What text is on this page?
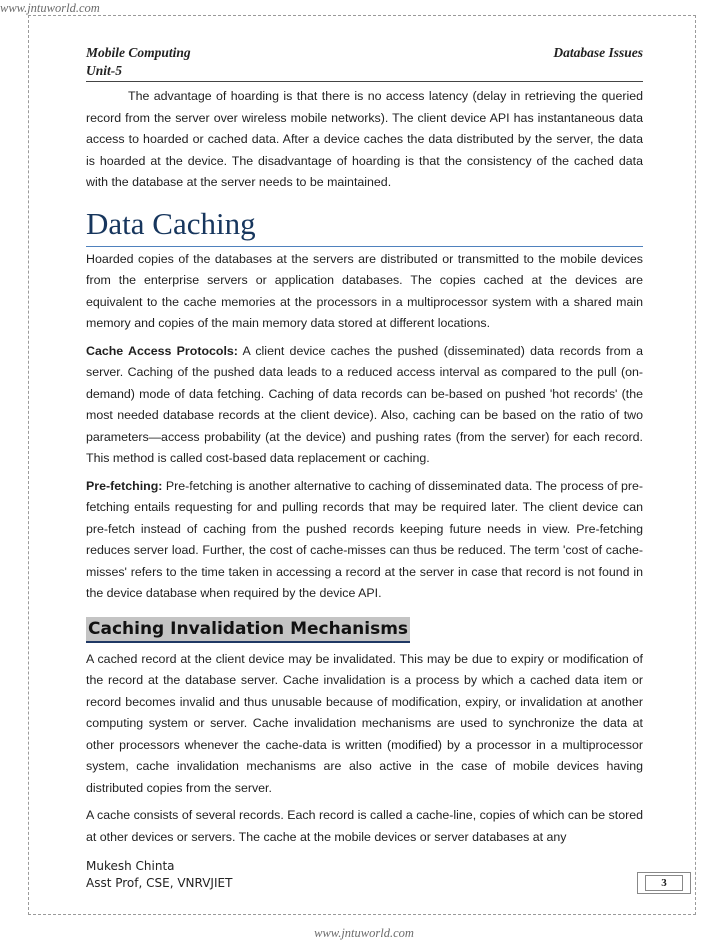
www.jntuworld.com
Mobile Computing	Database Issues
Unit-5

The advantage of hoarding is that there is no access latency (delay in retrieving the queried record from the server over wireless mobile networks). The client device API has instantaneous data access to hoarded or cached data. After a device caches the data distributed by the server, the data is hoarded at the device. The disadvantage of hoarding is that the consistency of the cached data with the database at the server needs to be maintained.

Data Caching

Hoarded copies of the databases at the servers are distributed or transmitted to the mobile devices from the enterprise servers or application databases. The copies cached at the devices are equivalent to the cache memories at the processors in a multiprocessor system with a shared main memory and copies of the main memory data stored at different locations.

Cache Access Protocols: A client device caches the pushed (disseminated) data records from a server. Caching of the pushed data leads to a reduced access interval as compared to the pull (on-demand) mode of data fetching. Caching of data records can be-based on pushed 'hot records' (the most needed database records at the client device). Also, caching can be based on the ratio of two parameters—access probability (at the device) and pushing rates (from the server) for each record. This method is called cost-based data replacement or caching.

Pre-fetching: Pre-fetching is another alternative to caching of disseminated data. The process of pre-fetching entails requesting for and pulling records that may be required later. The client device can pre-fetch instead of caching from the pushed records keeping future needs in view. Pre-fetching reduces server load. Further, the cost of cache-misses can thus be reduced. The term 'cost of cache-misses' refers to the time taken in accessing a record at the server in case that record is not found in the device database when required by the device API.

Caching Invalidation Mechanisms

A cached record at the client device may be invalidated. This may be due to expiry or modification of the record at the database server. Cache invalidation is a process by which a cached data item or record becomes invalid and thus unusable because of modification, expiry, or invalidation at another computing system or server. Cache invalidation mechanisms are used to synchronize the data at other processors whenever the cache-data is written (modified) by a processor in a multiprocessor system, cache invalidation mechanisms are also active in the case of mobile devices having distributed copies from the server.

A cache consists of several records. Each record is called a cache-line, copies of which can be stored at other devices or servers. The cache at the mobile devices or server databases at any

Mukesh Chinta
Asst Prof, CSE, VNRVJIET	3
www.jntuworld.com
